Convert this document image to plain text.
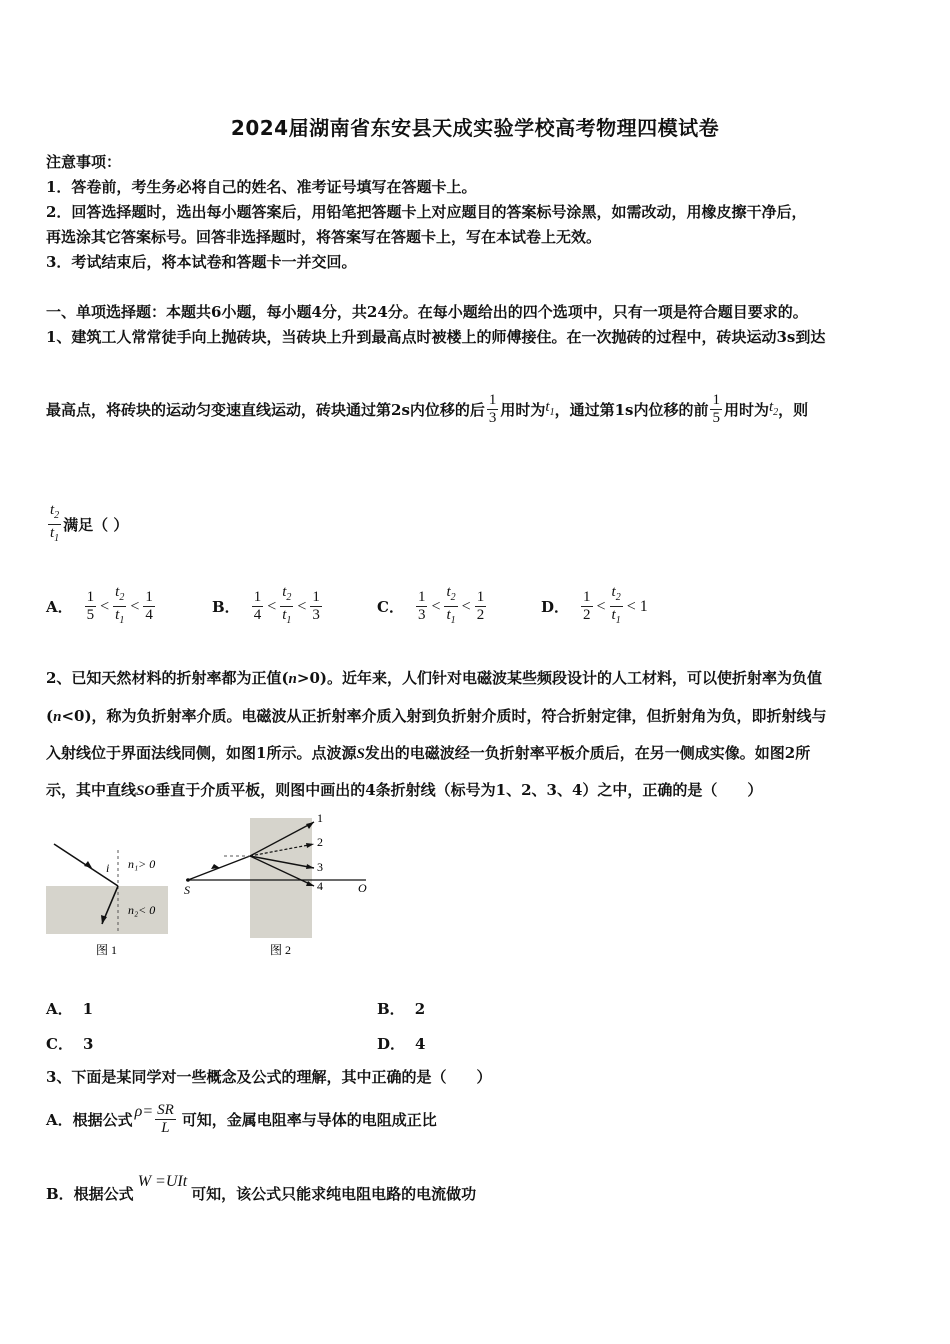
2024届湖南省东安县天成实验学校高考物理四模试卷
注意事项：
1．答卷前，考生务必将自己的姓名、准考证号填写在答题卡上。
2．回答选择题时，选出每小题答案后，用铅笔把答题卡上对应题目的答案标号涂黑，如需改动，用橡皮擦干净后，
再选涂其它答案标号。回答非选择题时，将答案写在答题卡上，写在本试卷上无效。
3．考试结束后，将本试卷和答题卡一并交回。
一、单项选择题：本题共6小题，每小题4分，共24分。在每小题给出的四个选项中，只有一项是符合题目要求的。
1、建筑工人常常徒手向上抛砖块，当砖块上升到最高点时被楼上的师傅接住。在一次抛砖的过程中，砖块运动3s到达
最高点，将砖块的运动匀变速直线运动，砖块通过第2s内位移的后 $\frac{1}{3}$ 用时为 $t_1$ ，通过第1s内位移的前 $\frac{1}{5}$ 用时为 $t_2$ ，则
$\frac{t_2}{t_1}$ 满足（ ）
A． $\frac{1}{5} < \frac{t_2}{t_1} < \frac{1}{4}$	B． $\frac{1}{4} < \frac{t_2}{t_1} < \frac{1}{3}$	C． $\frac{1}{3} < \frac{t_2}{t_1} < \frac{1}{2}$	D． $\frac{1}{2} < \frac{t_2}{t_1} < 1$
2、已知天然材料的折射率都为正值(n>0)。近年来，人们针对电磁波某些频段设计的人工材料，可以使折射率为负值
(n<0)，称为负折射率介质。电磁波从正折射率介质入射到负折射介质时，符合折射定律，但折射角为负，即折射线与
入射线位于界面法线同侧，如图1所示。点波源S发出的电磁波经一负折射率平板介质后，在另一侧成实像。如图2所
示，其中直线SO垂直于介质平板，则图中画出的4条折射线（标号为1、2、3、4）之中，正确的是（　　）
i n₁> 0
n₂< 0
图 1
1
2
3
4
S	O
图 2
A． 1	B． 2
C． 3	D． 4
3、下面是某同学对一些概念及公式的理解，其中正确的是（　　）
A．根据公式 $\rho= \frac{SR}{L}$ 可知，金属电阻率与导体的电阻成正比
B．根据公式
W =UIt
可知，该公式只能求纯电阻电路的电流做功
